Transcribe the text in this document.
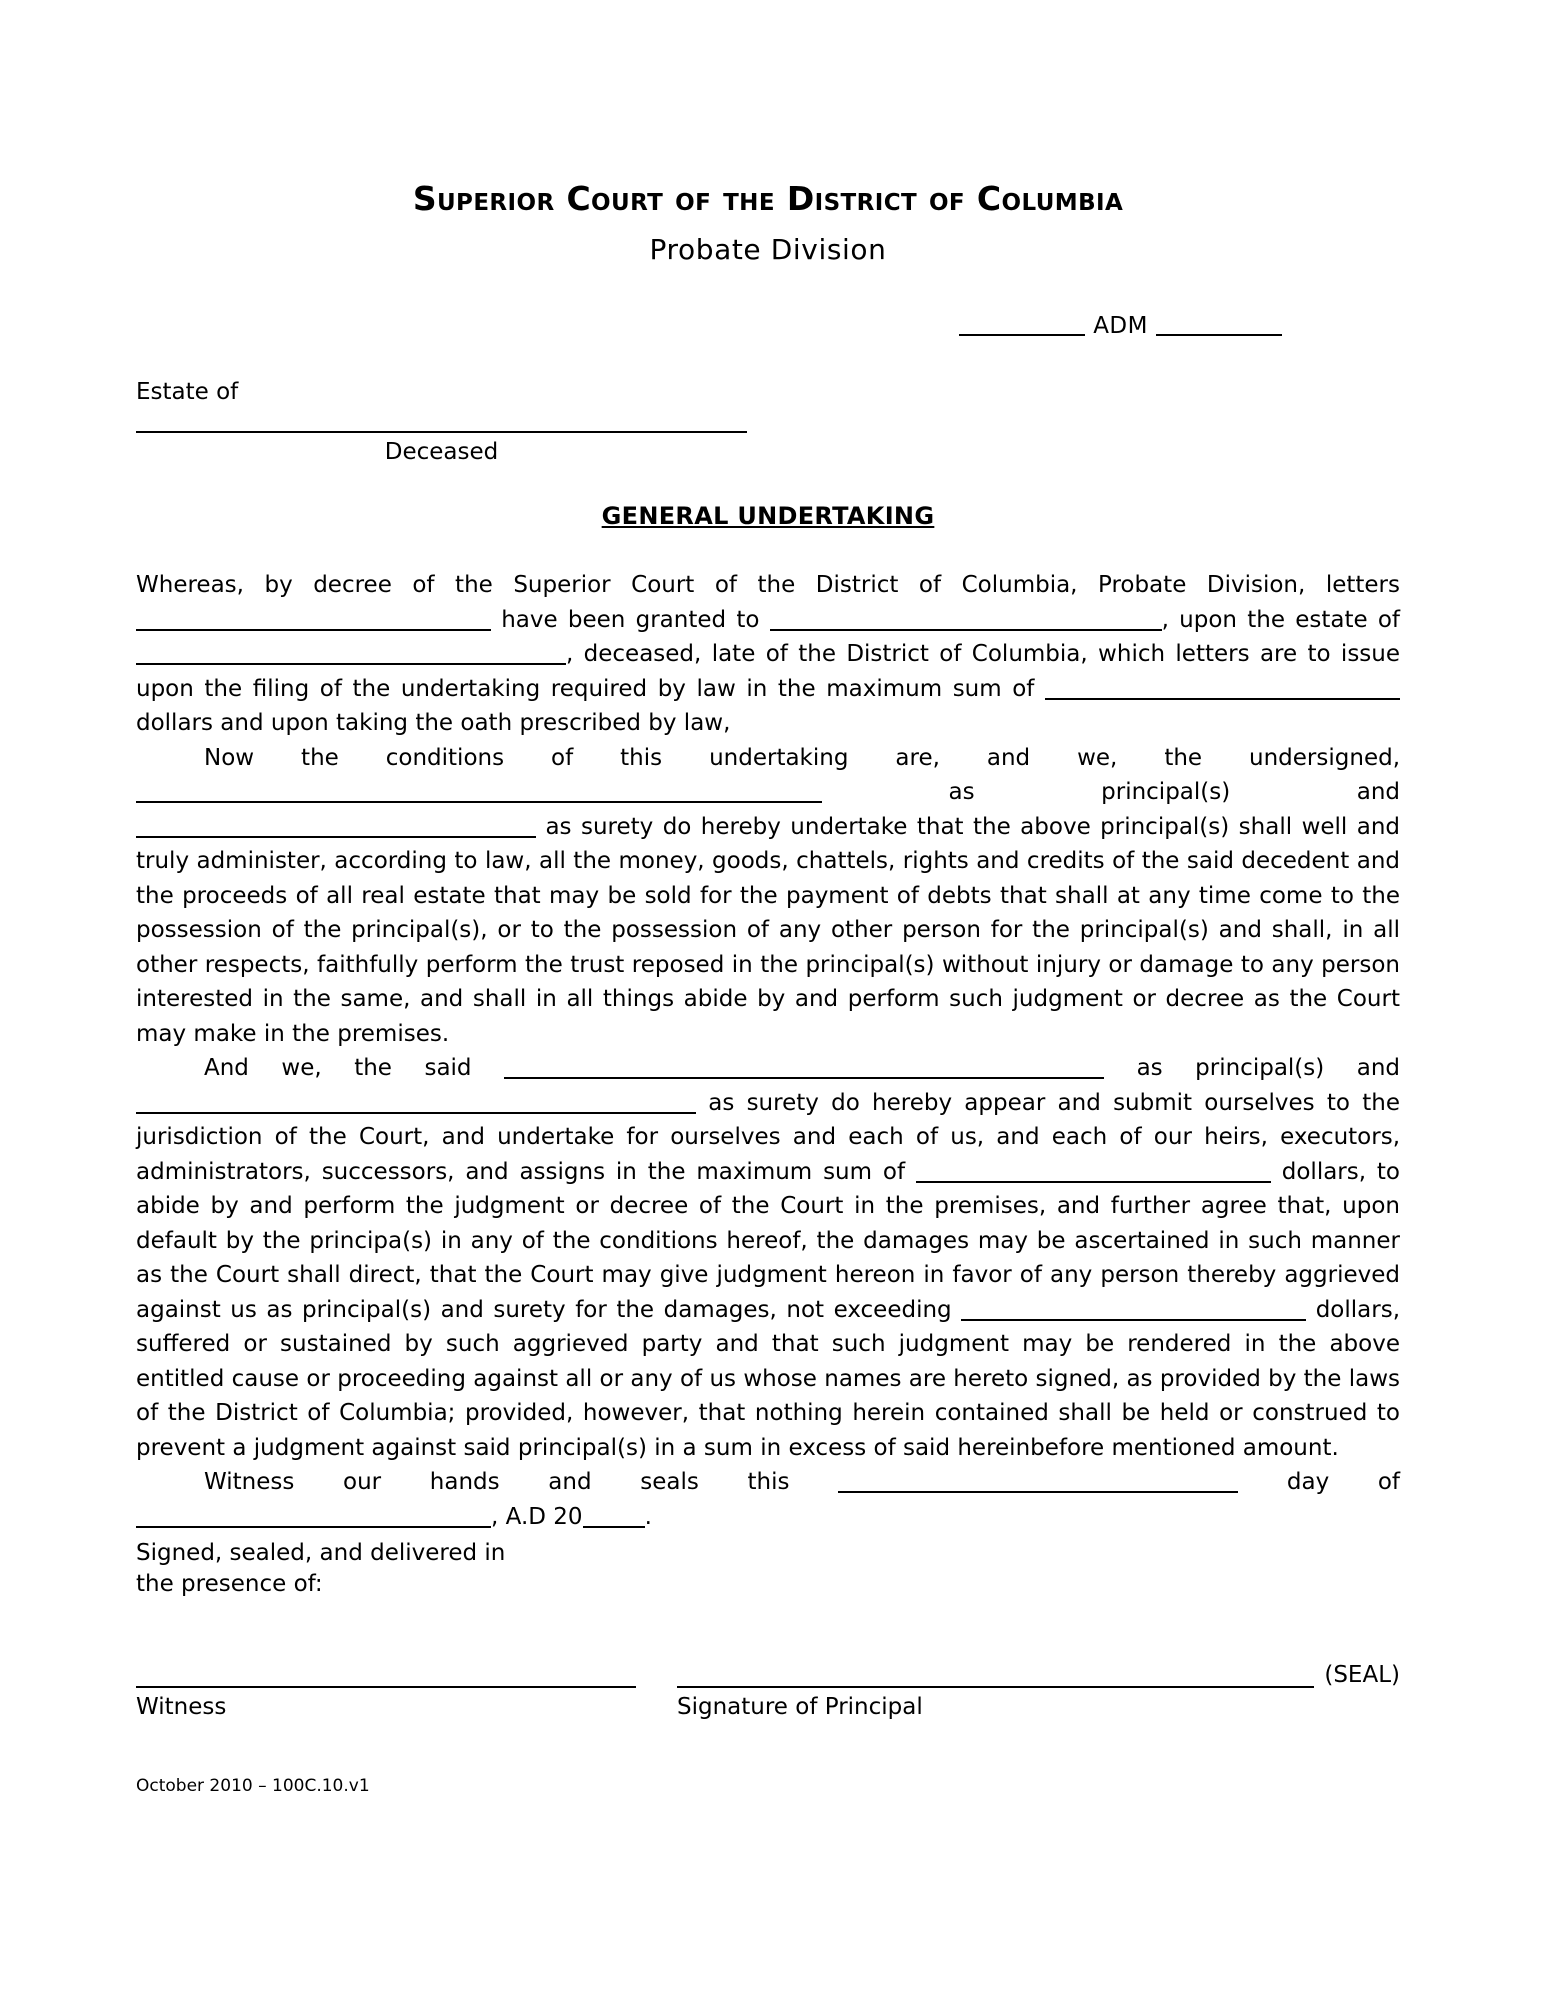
Superior Court of the District of Columbia
Probate Division
ADM
Estate of
Deceased
GENERAL UNDERTAKING

Whereas, by decree of the Superior Court of the District of Columbia, Probate Division, letters  have been granted to	, upon the estate of , deceased, late of the District of Columbia, which letters are to issue upon the filing of the undertaking required by law in the maximum sum of  dollars and upon taking the oath prescribed by law,

Now the conditions of this undertaking are, and we, the undersigned,  as principal(s) and  as surety do hereby undertake that the above principal(s) shall well and truly administer, according to law, all the money, goods, chattels, rights and credits of the said decedent and the proceeds of all real estate that may be sold for the payment of debts that shall at any time come to the possession of the principal(s), or to the possession of any other person for the principal(s) and shall, in all other respects, faithfully perform the trust reposed in the principal(s) without injury or damage to any person interested in the same, and shall in all things abide by and perform such judgment or decree as the Court may make in the premises.

And we, the said	as principal(s) and  as surety do hereby appear and submit ourselves to the jurisdiction of the Court, and undertake for ourselves and each of us, and each of our heirs, executors, administrators, successors, and assigns in the maximum sum of	dollars, to abide by and perform the judgment or decree of the Court in the premises, and further agree that, upon default by the principa(s) in any of the conditions hereof, the damages may be ascertained in such manner as the Court shall direct, that the Court may give judgment hereon in favor of any person thereby aggrieved against us as principal(s) and surety for the damages, not exceeding	dollars, suffered or sustained by such aggrieved party and that such judgment may be rendered in the above entitled cause or proceeding against all or any of us whose names are hereto signed, as provided by the laws of the District of Columbia; provided, however, that nothing herein contained shall be held or construed to prevent a judgment against said principal(s) in a sum in excess of said hereinbefore mentioned amount.

Witness our hands and seals this	day of , A.D 20	.

Signed, sealed, and delivered in
the presence of:
(SEAL)
Witness	Signature of Principal
October 2010 – 100C.10.v1
